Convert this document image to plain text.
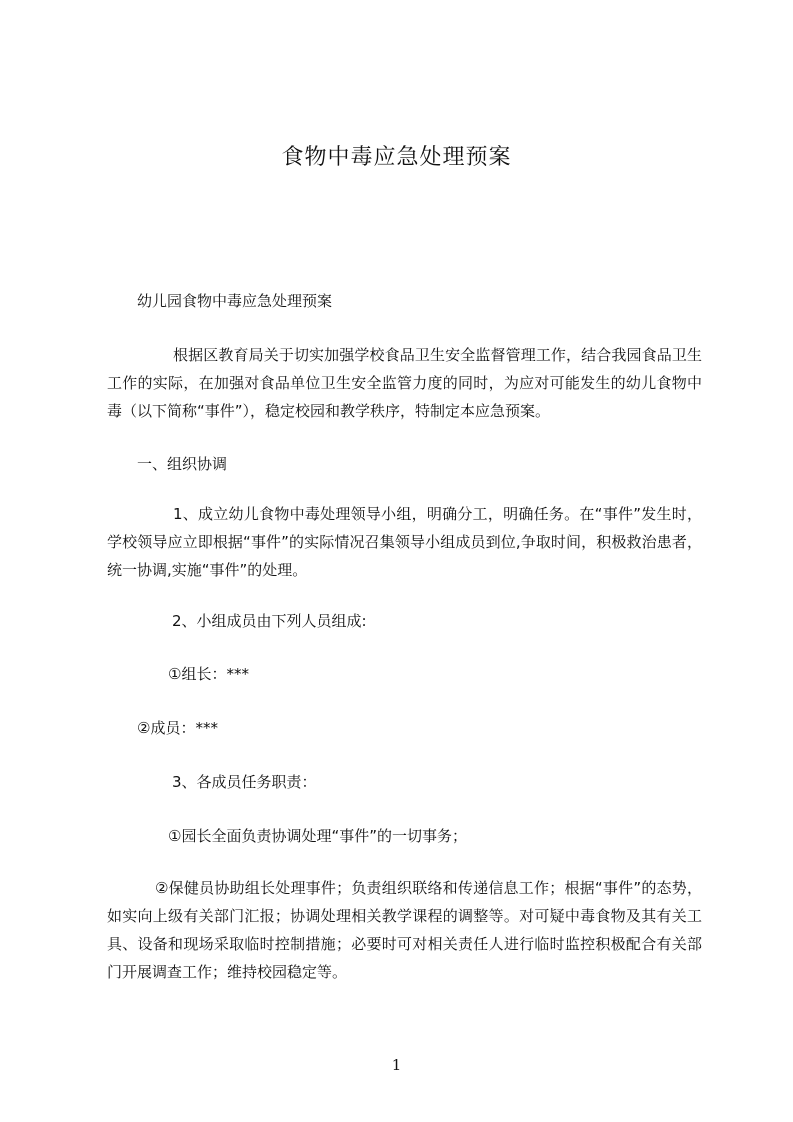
食物中毒应急处理预案

幼儿园食物中毒应急处理预案

根据区教育局关于切实加强学校食品卫生安全监督管理工作，结合我园食品卫生工作的实际，在加强对食品单位卫生安全监管力度的同时，为应对可能发生的幼儿食物中毒（以下简称“事件”），稳定校园和教学秩序，特制定本应急预案。

一、组织协调

1、成立幼儿食物中毒处理领导小组，明确分工，明确任务。在“事件”发生时，学校领导应立即根据“事件”的实际情况召集领导小组成员到位,争取时间，积极救治患者，统一协调,实施“事件”的处理。

2、小组成员由下列人员组成:

①组长：***

②成员：***

3、各成员任务职责：

①园长全面负责协调处理“事件”的一切事务；

②保健员协助组长处理事件；负责组织联络和传递信息工作；根据“事件”的态势，如实向上级有关部门汇报；协调处理相关教学课程的调整等。对可疑中毒食物及其有关工具、设备和现场采取临时控制措施；必要时可对相关责任人进行临时监控积极配合有关部门开展调查工作；维持校园稳定等。

1
